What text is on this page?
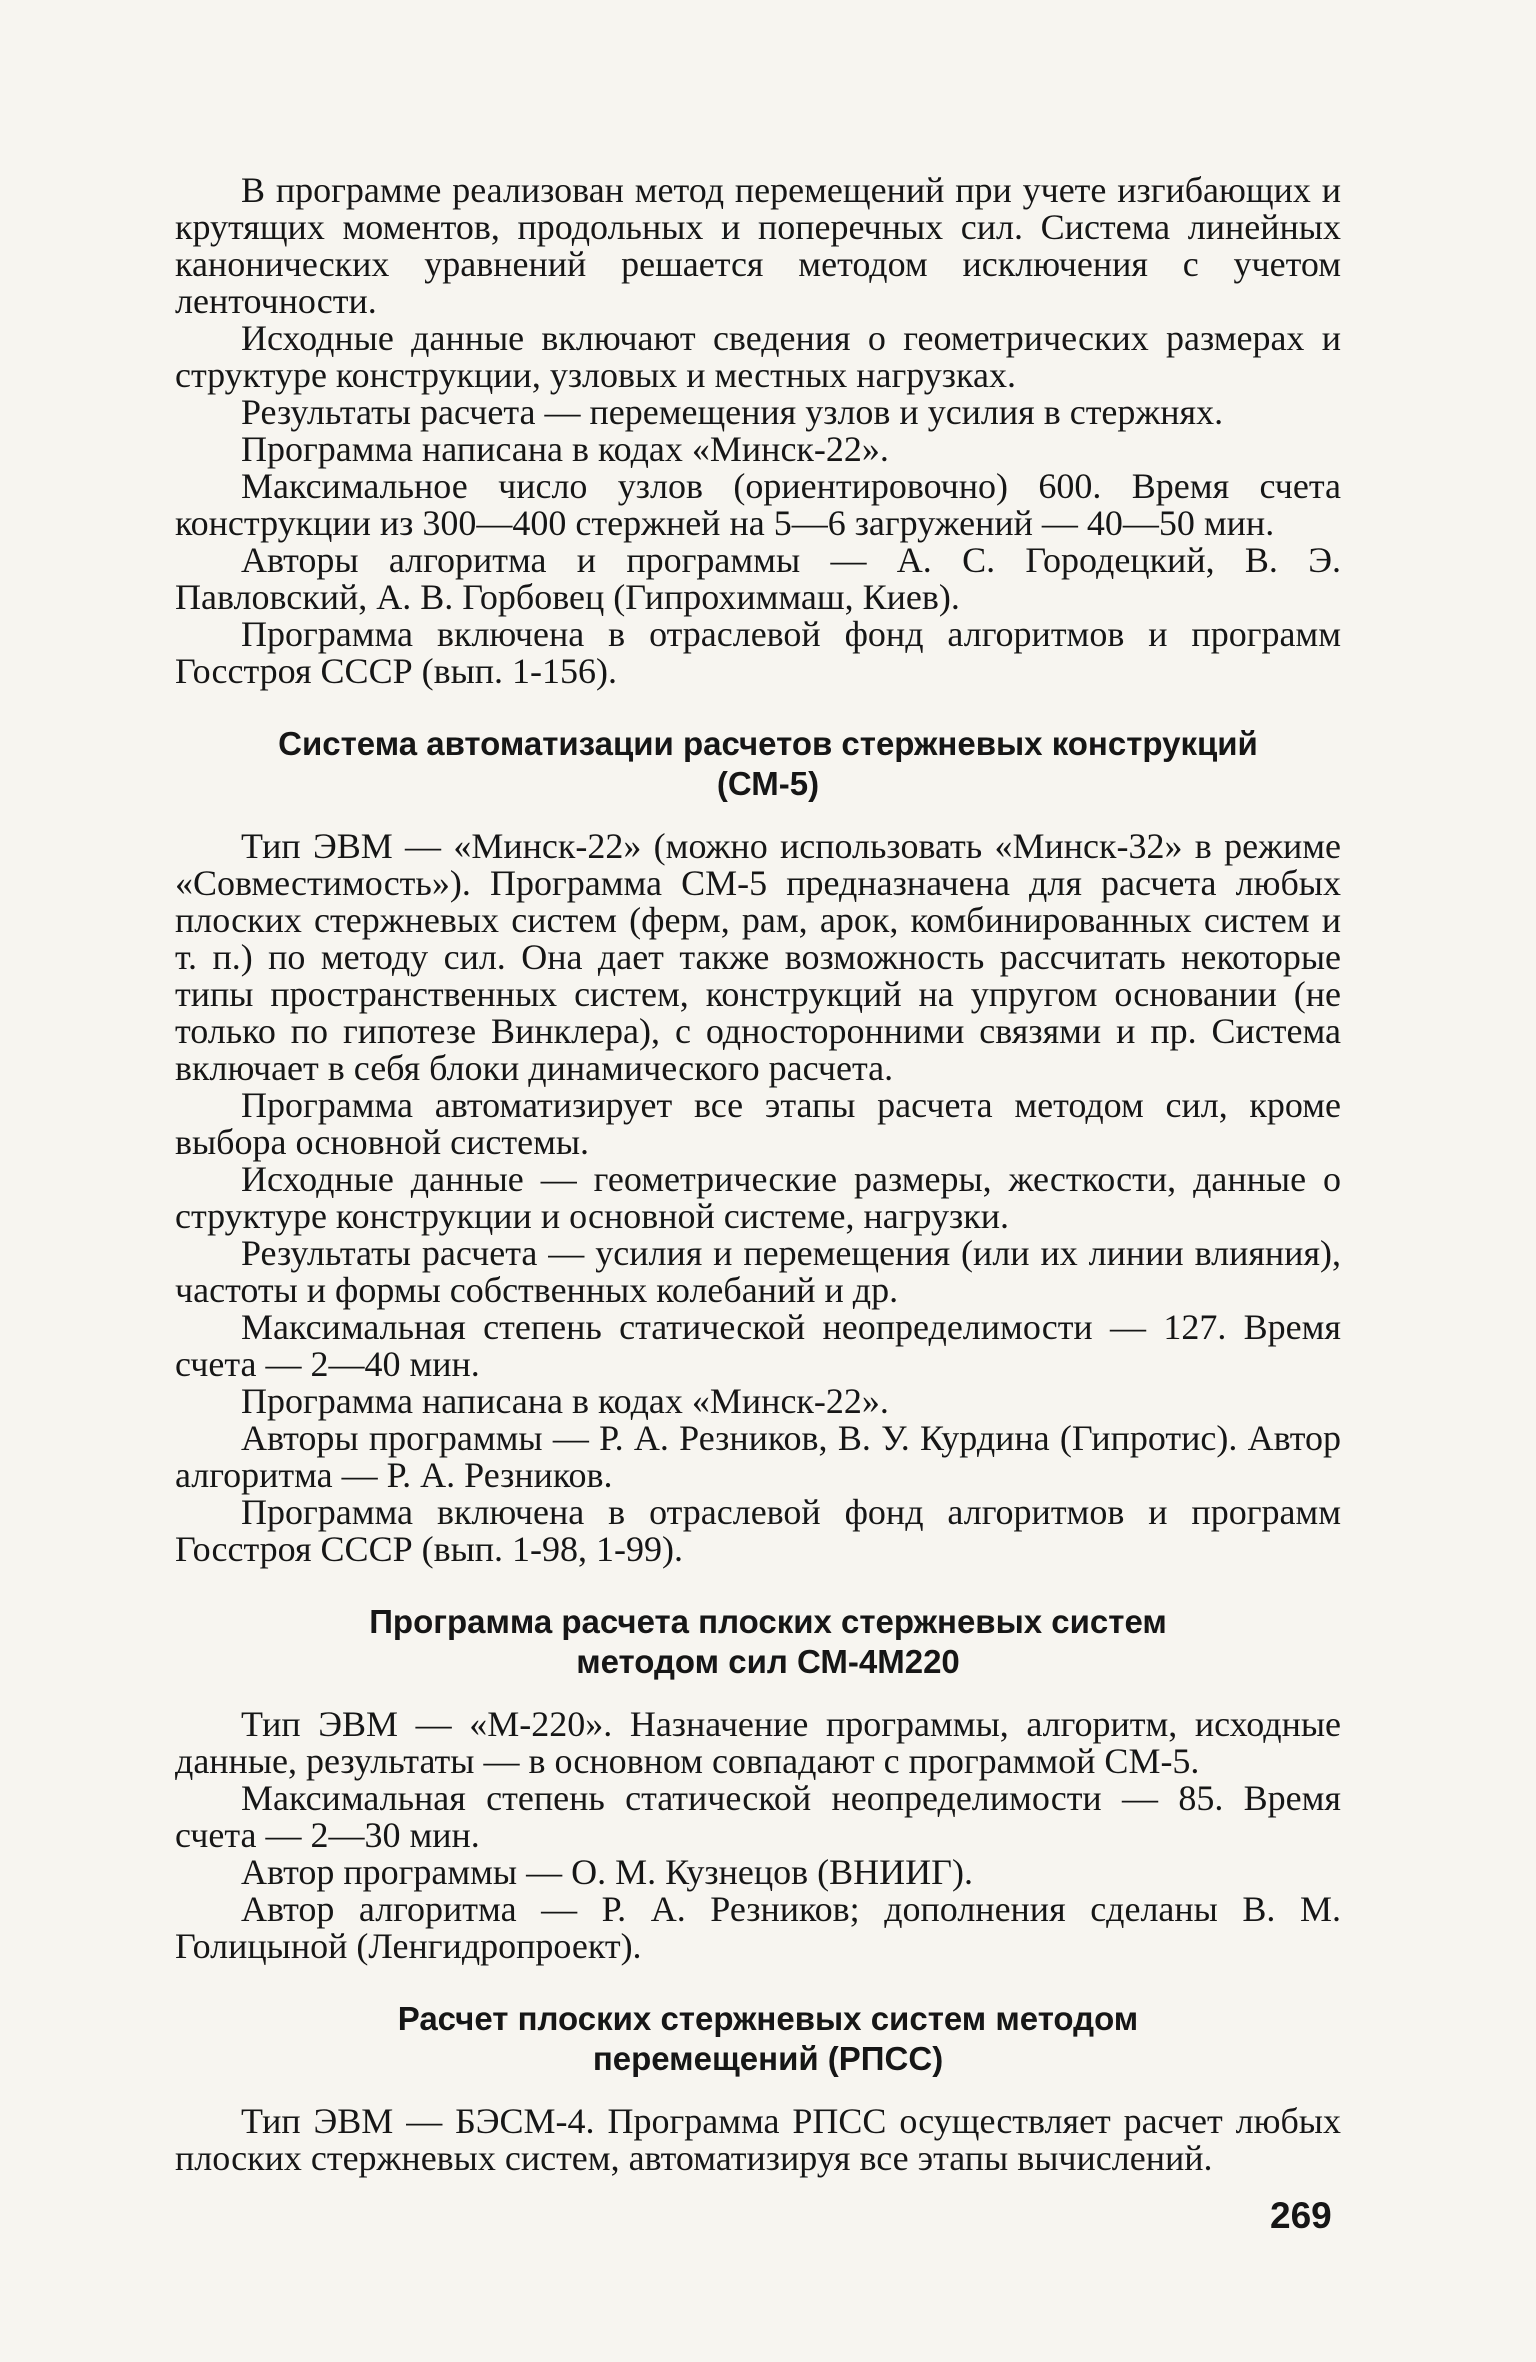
В программе реализован метод перемещений при учете изгибающих и крутящих моментов, продольных и поперечных сил. Система линейных канонических уравнений решается методом исключения с учетом ленточности.

Исходные данные включают сведения о геометрических размерах и структуре конструкции, узловых и местных нагрузках.

Результаты расчета — перемещения узлов и усилия в стержнях.

Программа написана в кодах «Минск-22».

Максимальное число узлов (ориентировочно) 600. Время счета конструкции из 300—400 стержней на 5—6 загружений — 40—50 мин.

Авторы алгоритма и программы — А. С. Городецкий, В. Э. Павловский, А. В. Горбовец (Гипрохиммаш, Киев).

Программа включена в отраслевой фонд алгоритмов и программ Госстроя СССР (вып. 1-156).

Система автоматизации расчетов стержневых конструкций
(СМ-5)

Тип ЭВМ — «Минск-22» (можно использовать «Минск-32» в режиме «Совместимость»). Программа СМ-5 предназначена для расчета любых плоских стержневых систем (ферм, рам, арок, комбинированных систем и т. п.) по методу сил. Она дает также возможность рассчитать некоторые типы пространственных систем, конструкций на упругом основании (не только по гипотезе Винклера), с односторонними связями и пр. Система включает в себя блоки динамического расчета.

Программа автоматизирует все этапы расчета методом сил, кроме выбора основной системы.

Исходные данные — геометрические размеры, жесткости, данные о структуре конструкции и основной системе, нагрузки.

Результаты расчета — усилия и перемещения (или их линии влияния), частоты и формы собственных колебаний и др.

Максимальная степень статической неопределимости — 127. Время счета — 2—40 мин.

Программа написана в кодах «Минск-22».

Авторы программы — Р. А. Резников, В. У. Курдина (Гипротис). Автор алгоритма — Р. А. Резников.

Программа включена в отраслевой фонд алгоритмов и программ Госстроя СССР (вып. 1-98, 1-99).

Программа расчета плоских стержневых систем
методом сил СМ-4М220

Тип ЭВМ — «М-220». Назначение программы, алгоритм, исходные данные, результаты — в основном совпадают с программой СМ-5.

Максимальная степень статической неопределимости — 85. Время счета — 2—30 мин.

Автор программы — О. М. Кузнецов (ВНИИГ).

Автор алгоритма — Р. А. Резников; дополнения сделаны В. М. Голицыной (Ленгидропроект).

Расчет плоских стержневых систем методом
перемещений (РПСС)

Тип ЭВМ — БЭСМ-4. Программа РПСС осуществляет расчет любых плоских стержневых систем, автоматизируя все этапы вычислений.

269
